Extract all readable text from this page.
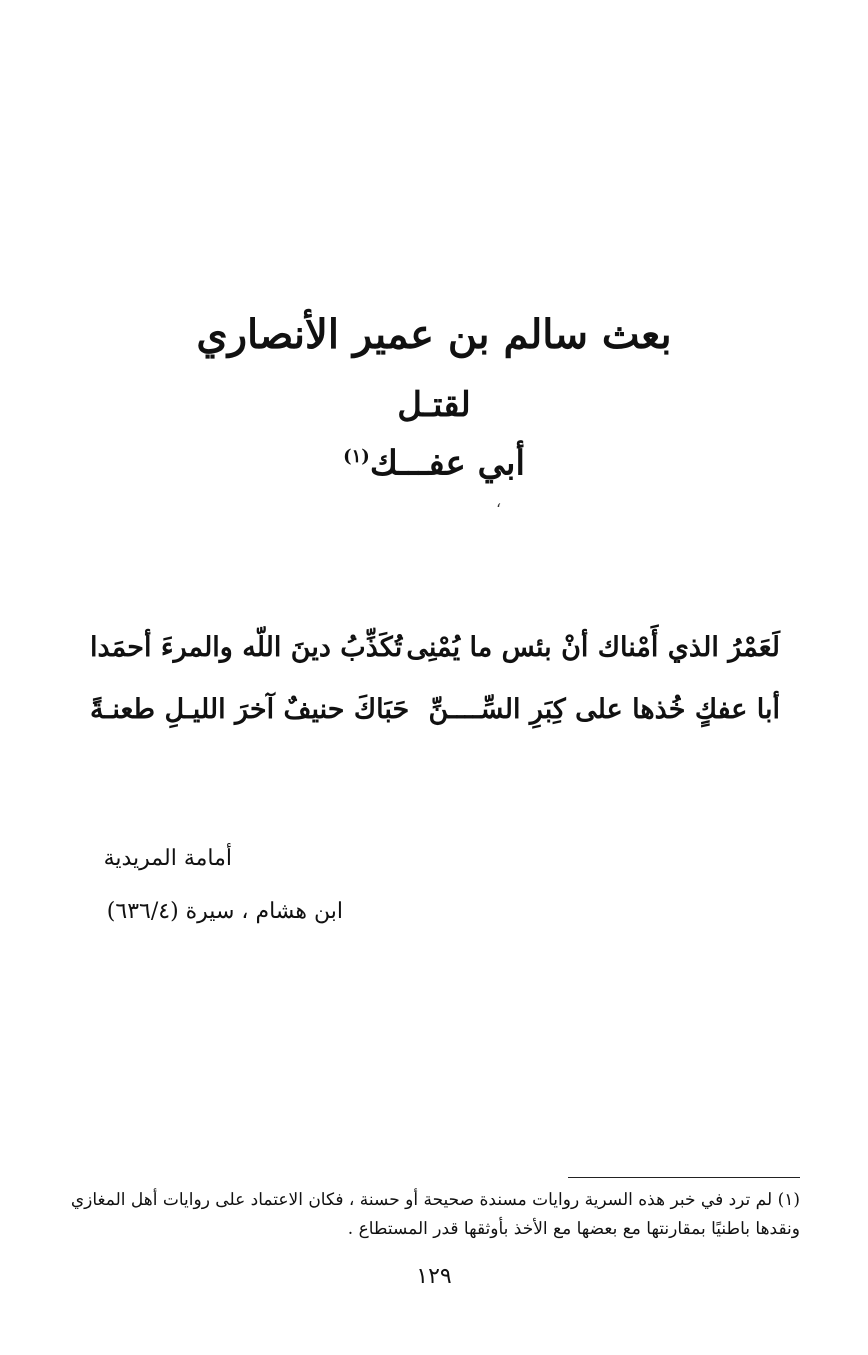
بعث سالم بن عمير الأنصاري
لقتـل
أبي عفـــك$^{(١)}$
ʻ
لَعَمْرُ الذي أَمْناك أنْ بئس ما يُمْنِى
تُكَذِّبُ دينَ اللّه والمرءَ أحمَدا
أبا عفكٍ خُذها على كِبَرِ السِّــــنِّ
حَبَاكَ حنيفٌ آخرَ الليـلِ طعنـةً
أمامة المريدية
ابن هشام ، سيرة (٦٣٦/٤)

(١) لم ترد في خبر هذه السرية روايات مسندة صحيحة أو حسنة ، فكان الاعتماد على روايات أهل المغازي

ونقدها باطنيًا بمقارنتها مع بعضها مع الأخذ بأوثقها قدر المستطاع .

١٢٩
